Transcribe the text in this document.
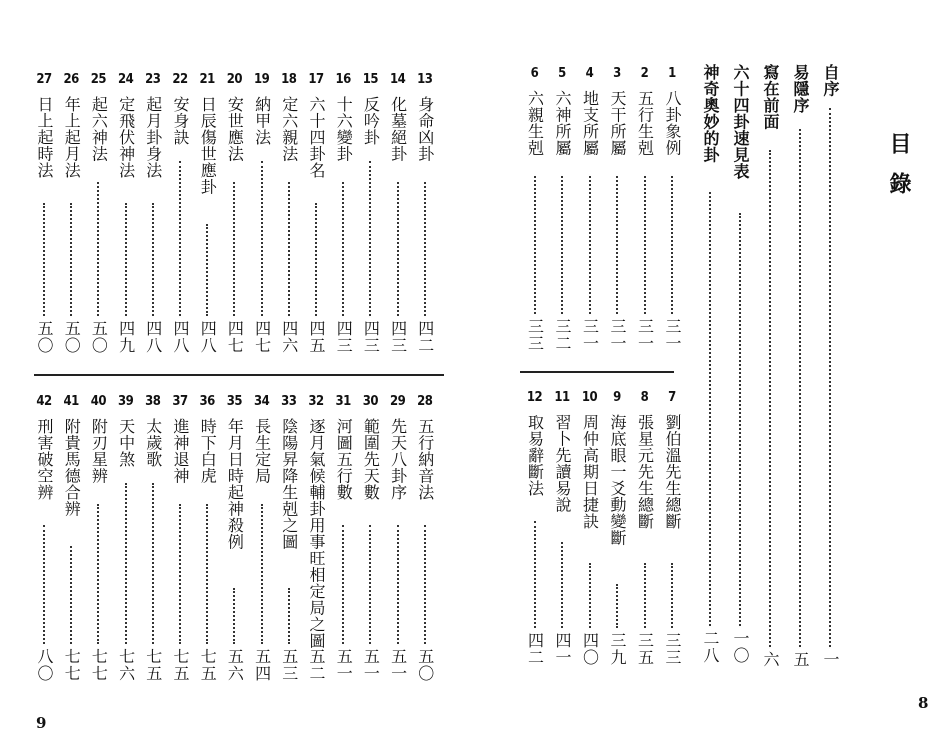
27
日上起時法
五〇
26
年上起月法
五〇
25
起六神法
五〇
24
定飛伏神法
四九
23
起月卦身法
四八
22
安身訣
四八
21
日辰傷世應卦
四八
20
安世應法
四七
19
納甲法
四七
18
定六親法
四六
17
六十四卦名
四五
16
十六變卦
四三
15
反吟卦
四三
14
化墓絕卦
四三
13
身命凶卦
四二
42
刑害破空辨
八〇
41
附貴馬德合辨
七七
40
附刃星辨
七七
39
天中煞
七六
38
太歲歌
七五
37
進神退神
七五
36
時下白虎
七五
35
年月日時起神殺例
五六
34
長生定局
五四
33
陰陽昇降生剋之圖
五三
32
逐月氣候輔卦用事旺相定局之圖
五二
31
河圖五行數
五一
30
範圍先天數
五一
29
先天八卦序
五一
28
五行納音法
五〇
9
自序
一
易隱序
五
寫在前面
六
六十四卦速見表
一〇
神奇奧妙的卦
二八
1
八卦象例
三一
2
五行生剋
三一
3
天干所屬
三一
4
地支所屬
三一
5
六神所屬
三二
6
六親生剋
三三
7
劉伯溫先生總斷
三三
8
張星元先生總斷
三五
9
海底眼一爻動變斷
三九
10
周仲高期日捷訣
四〇
11
習卜先讀易說
四一
12
取易辭斷法
四二
目錄
8
